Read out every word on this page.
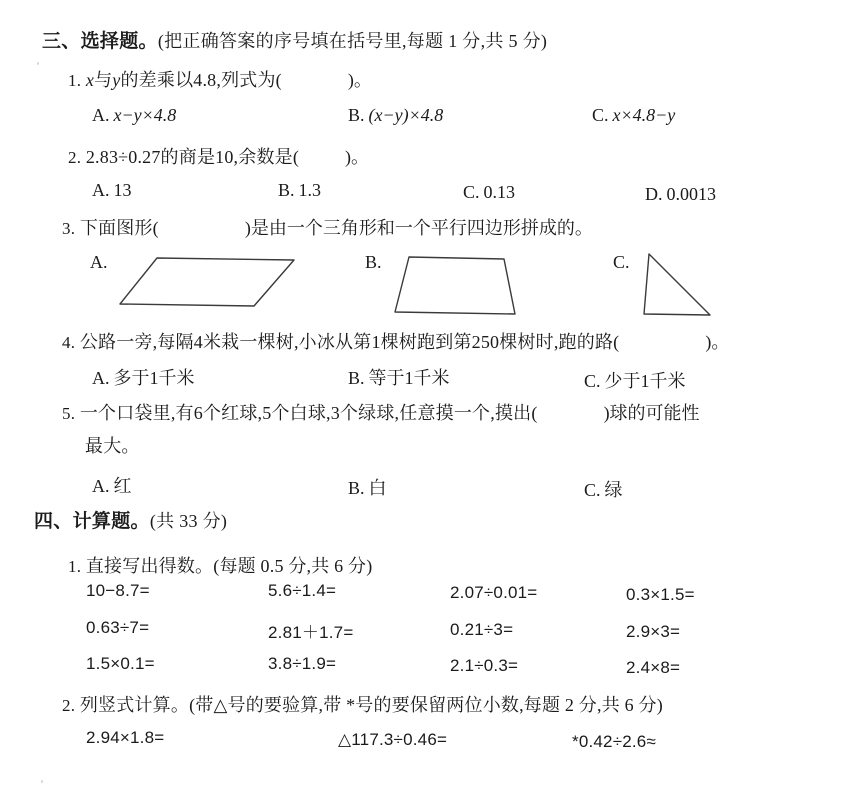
三、选择题。(把正确答案的序号填在括号里,每题 1 分,共 5 分)
1. x与y的差乘以4.8,列式为(	)。
A. x−y×4.8	B. (x−y)×4.8	C. x×4.8−y
2. 2.83÷0.27的商是10,余数是(	)。
A. 13	B. 1.3	C. 0.13	D. 0.0013
3. 下面图形(	)是由一个三角形和一个平行四边形拼成的。
A.	B.	C.
4. 公路一旁,每隔4米栽一棵树,小冰从第1棵树跑到第250棵树时,跑的路(	)。
A. 多于1千米	B. 等于1千米	C. 少于1千米
5. 一个口袋里,有6个红球,5个白球,3个绿球,任意摸一个,摸出(	)球的可能性
最大。
A. 红	B. 白	C. 绿
四、计算题。(共 33 分)
1. 直接写出得数。(每题 0.5 分,共 6 分)
10−8.7=	5.6÷1.4=	2.07÷0.01=	0.3×1.5=
0.63÷7=	2.81＋1.7=	0.21÷3=	2.9×3=
1.5×0.1=	3.8÷1.9=	2.1÷0.3=	2.4×8=
2. 列竖式计算。(带△号的要验算,带 *号的要保留两位小数,每题 2 分,共 6 分)
2.94×1.8=	△117.3÷0.46=	*0.42÷2.6≈
